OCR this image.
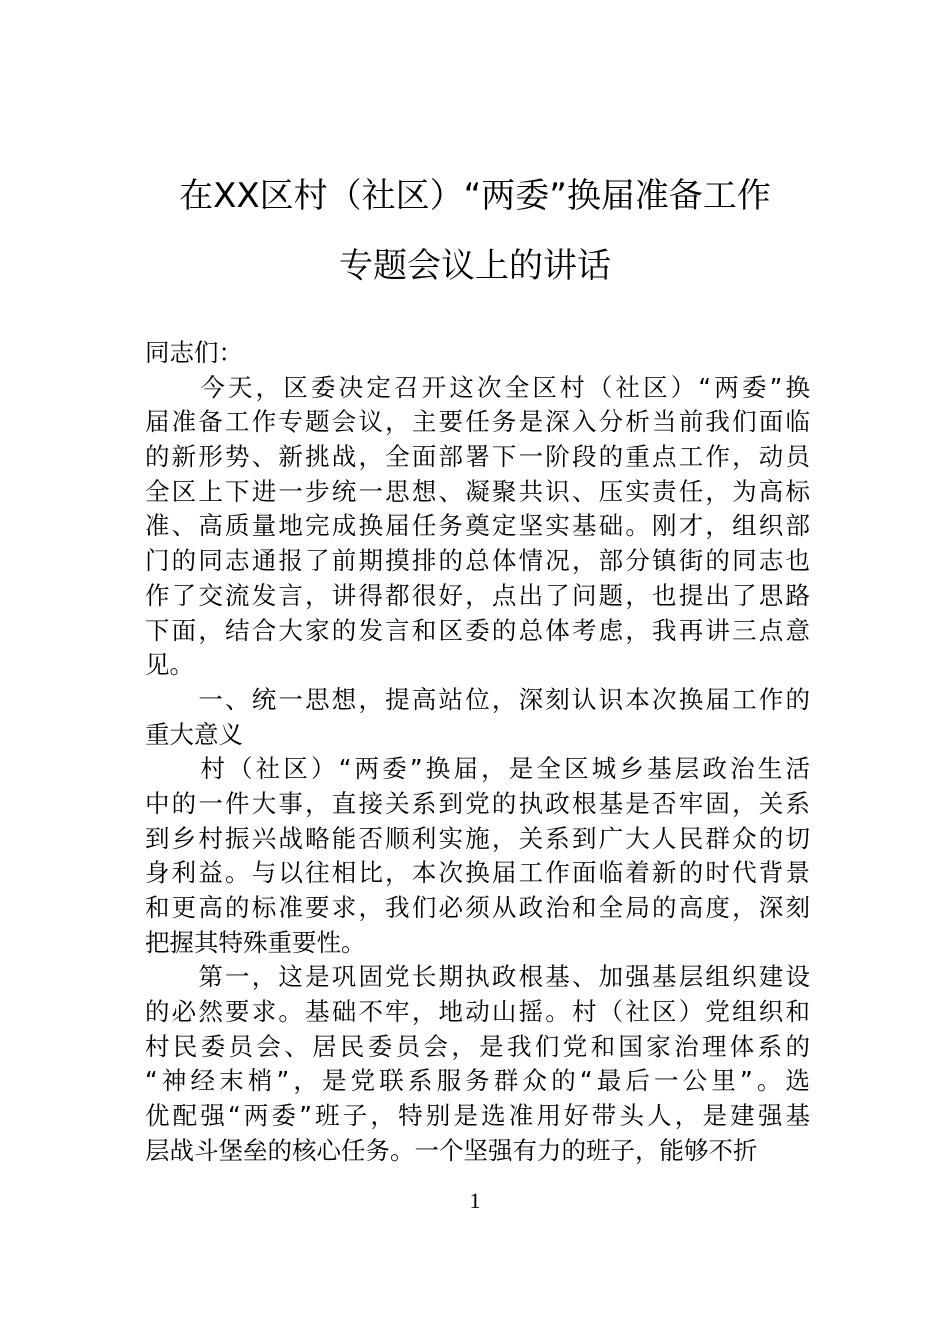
在XX区村（社区）“两委”换届准备工作
专题会议上的讲话
同志们：
　　今天，区委决定召开这次全区村（社区）“两委”换
届准备工作专题会议，主要任务是深入分析当前我们面临
的新形势、新挑战，全面部署下一阶段的重点工作，动员
全区上下进一步统一思想、凝聚共识、压实责任，为高标
准、高质量地完成换届任务奠定坚实基础。刚才，组织部
门的同志通报了前期摸排的总体情况，部分镇街的同志也
作了交流发言，讲得都很好，点出了问题，也提出了思路
下面，结合大家的发言和区委的总体考虑，我再讲三点意
见。
　　一、统一思想，提高站位，深刻认识本次换届工作的
重大意义
　　村（社区）“两委”换届，是全区城乡基层政治生活
中的一件大事，直接关系到党的执政根基是否牢固，关系
到乡村振兴战略能否顺利实施，关系到广大人民群众的切
身利益。与以往相比，本次换届工作面临着新的时代背景
和更高的标准要求，我们必须从政治和全局的高度，深刻
把握其特殊重要性。
　　第一，这是巩固党长期执政根基、加强基层组织建设
的必然要求。基础不牢，地动山摇。村（社区）党组织和
村民委员会、居民委员会，是我们党和国家治理体系的
“神经末梢”，是党联系服务群众的“最后一公里”。选
优配强“两委”班子，特别是选准用好带头人，是建强基
层战斗堡垒的核心任务。一个坚强有力的班子，能够不折
1
